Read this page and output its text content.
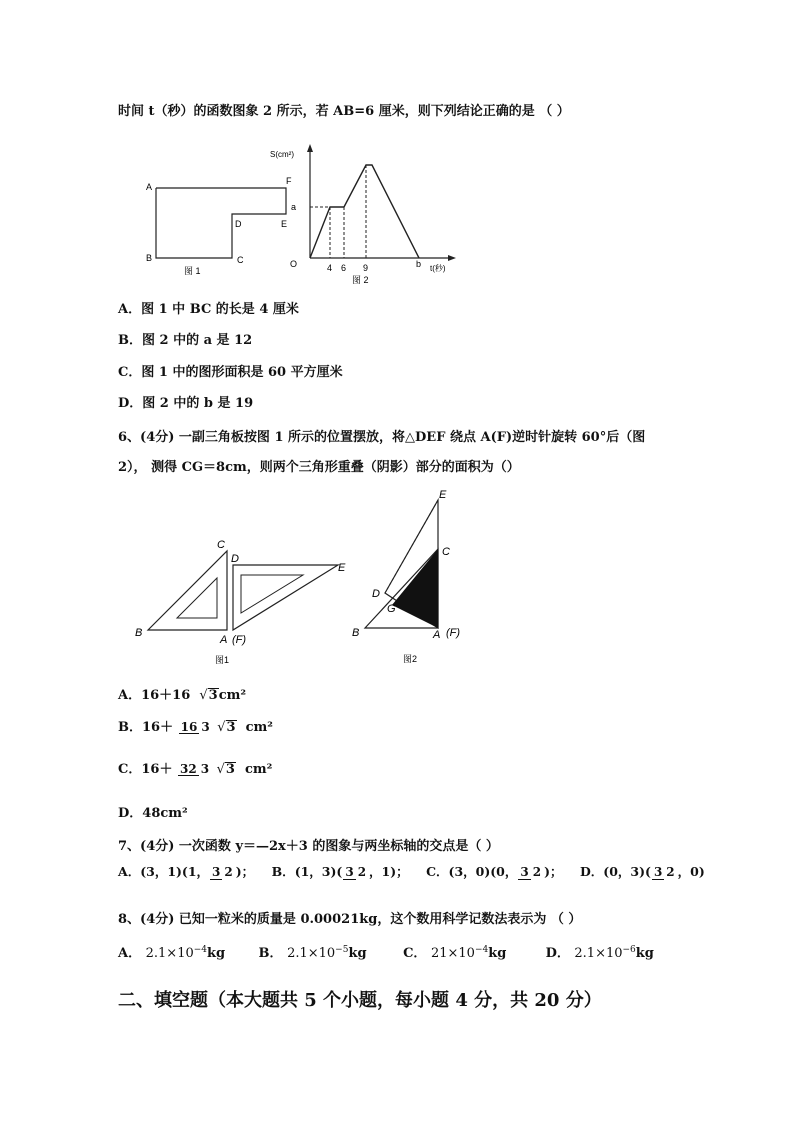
时间 t（秒）的函数图象 2 所示，若 AB=6 厘米，则下列结论正确的是 （ ）
A
B	C
D	E
F
图 1
S(cm²)
a
O	4 6 9	b t(秒)
图 2
A．图 1 中 BC 的长是 4 厘米
B．图 2 中的 a 是 12
C．图 1 中的图形面积是 60 平方厘米
D．图 2 中的 b 是 19
6、(4分) 一副三角板按图 1 所示的位置摆放，将△DEF 绕点 A(F)逆时针旋转 60°后（图
2）， 测得 CG＝8cm，则两个三角形重叠（阴影）部分的面积为（）
C
D
E
B
A (F)
图1
E
C
D
G
B	A (F)
图2
A．16＋16 √3cm²
B．16＋ 16 3 √3 cm²
C．16＋ 32 3 √3 cm²
D．48cm²
7、(4分) 一次函数 y＝—2x＋3 的图象与两坐标轴的交点是（ ）
A．(3，1)(1， 3 2 )； B．(1，3)( 3 2 ，1)； C．(3，0)(0， 3 2 )； D．(0，3)( 3 2 ，0)
8、(4分) 已知一粒米的质量是 0.00021kg，这个数用科学记数法表示为 （ ）
A． 2.1×10−4kg	B． 2.1×10−5kg	C． 21×10−4kg	D． 2.1×10−6kg
二、填空题（本大题共 5 个小题，每小题 4 分，共 20 分）
